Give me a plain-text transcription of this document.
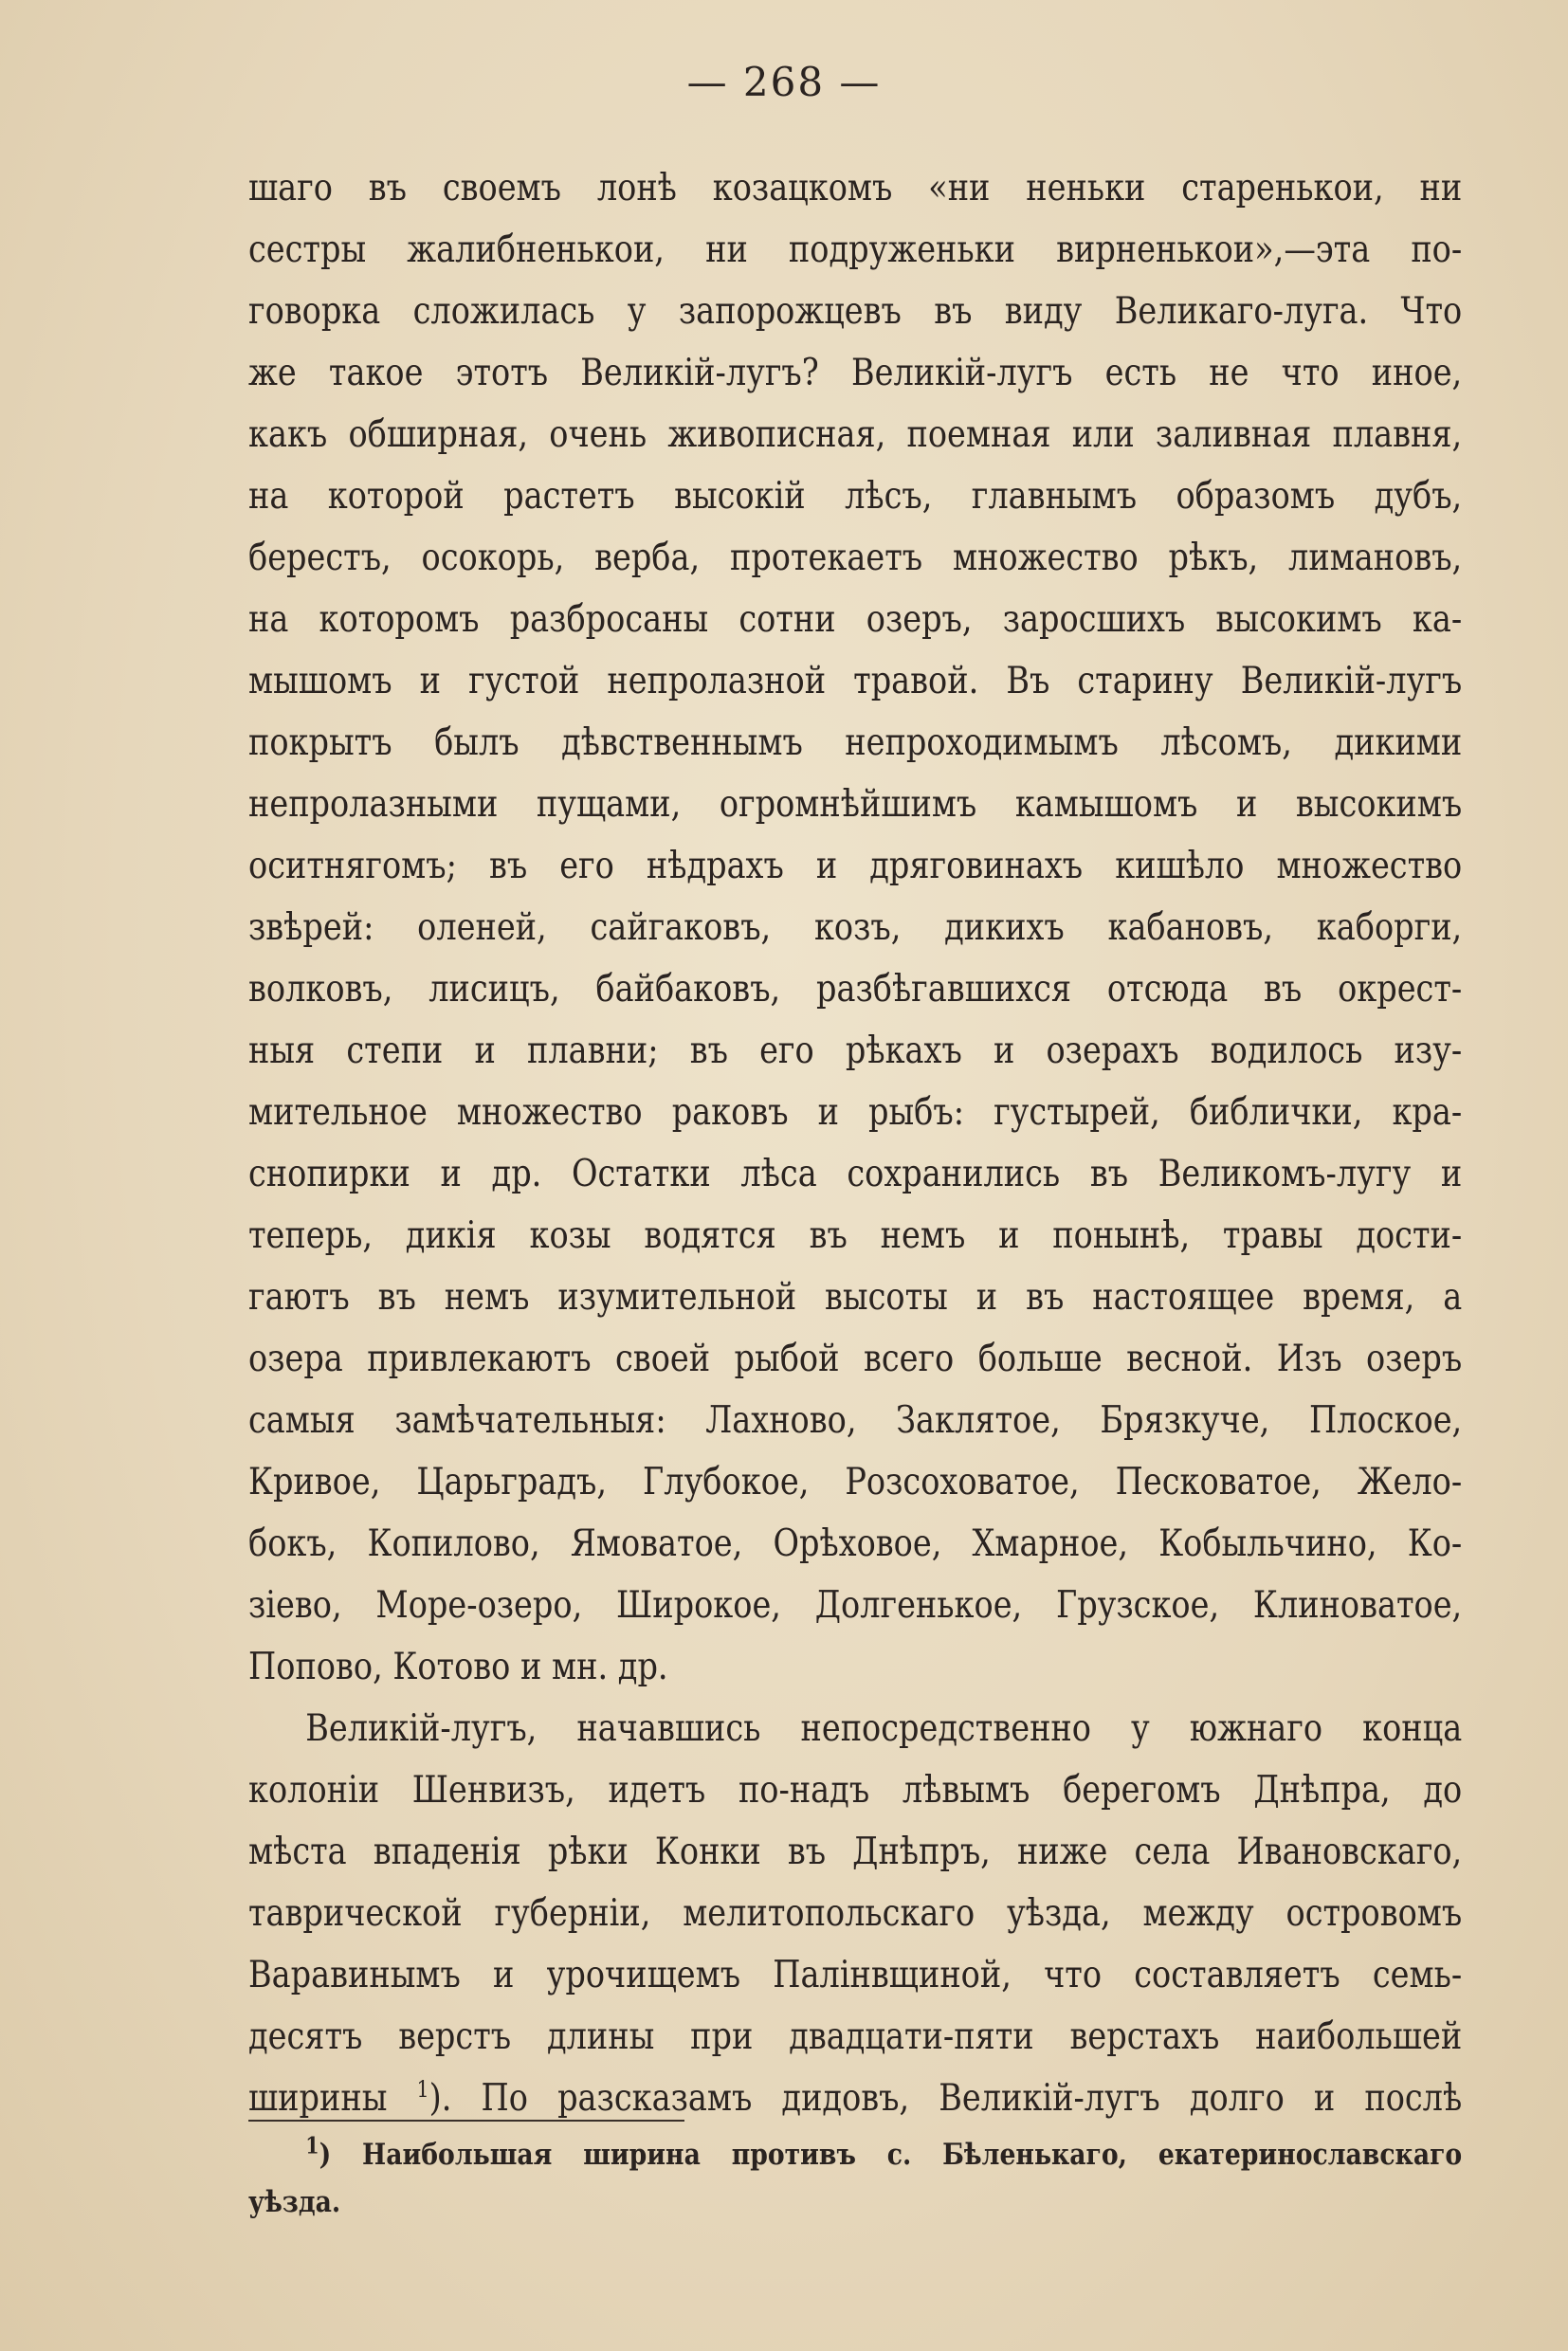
— 268 —
шаго въ своемъ лонѣ козацкомъ «ни неньки старенькои, ни
сестры жалибненькои, ни подруженьки вирненькои»,—эта по-
говорка сложилась у запорожцевъ въ виду Великаго-луга. Что
же такое этотъ Великій-лугъ? Великій-лугъ есть не что иное,
какъ обширная, очень живописная, поемная или заливная плавня,
на которой растетъ высокій лѣсъ, главнымъ образомъ дубъ,
берестъ, осокорь, верба, протекаетъ множество рѣкъ, лимановъ,
на которомъ разбросаны сотни озеръ, заросшихъ высокимъ ка-
мышомъ и густой непролазной травой. Въ старину Великій-лугъ
покрытъ былъ дѣвственнымъ непроходимымъ лѣсомъ, дикими
непролазными пущами, огромнѣйшимъ камышомъ и высокимъ
оситнягомъ; въ его нѣдрахъ и дряговинахъ кишѣло множество
звѣрей: оленей, сайгаковъ, козъ, дикихъ кабановъ, каборги,
волковъ, лисицъ, байбаковъ, разбѣгавшихся отсюда въ окрест-
ныя степи и плавни; въ его рѣкахъ и озерахъ водилось изу-
мительное множество раковъ и рыбъ: густырей, библички, кра-
снопирки и др. Остатки лѣса сохранились въ Великомъ-лугу и
теперь, дикія козы водятся въ немъ и понынѣ, травы дости-
гаютъ въ немъ изумительной высоты и въ настоящее время, а
озера привлекаютъ своей рыбой всего больше весной. Изъ озеръ
самыя замѣчательныя: Лахново, Заклятое, Брязкуче, Плоское,
Кривое, Царьградъ, Глубокое, Розсоховатое, Песковатое, Жело-
бокъ, Копилово, Ямоватое, Орѣховое, Хмарное, Кобыльчино, Ко-
зіево, Море-озеро, Широкое, Долгенькое, Грузское, Клиноватое,
Попово, Котово и мн. др.
Великій-лугъ, начавшись непосредственно у южнаго конца
колоніи Шенвизъ, идетъ по-надъ лѣвымъ берегомъ Днѣпра, до
мѣста впаденія рѣки Конки въ Днѣпръ, ниже села Ивановскаго,
таврической губерніи, мелитопольскаго уѣзда, между островомъ
Варавинымъ и урочищемъ Палінвщиной, что составляетъ семь-
десятъ верстъ длины при двадцати-пяти верстахъ наибольшей
ширины $^1$). По разсказамъ дидовъ, Великій-лугъ долго и послѣ
$^1$) Наибольшая ширина противъ с. Бѣленькаго, екатеринославскаго
уѣзда.
